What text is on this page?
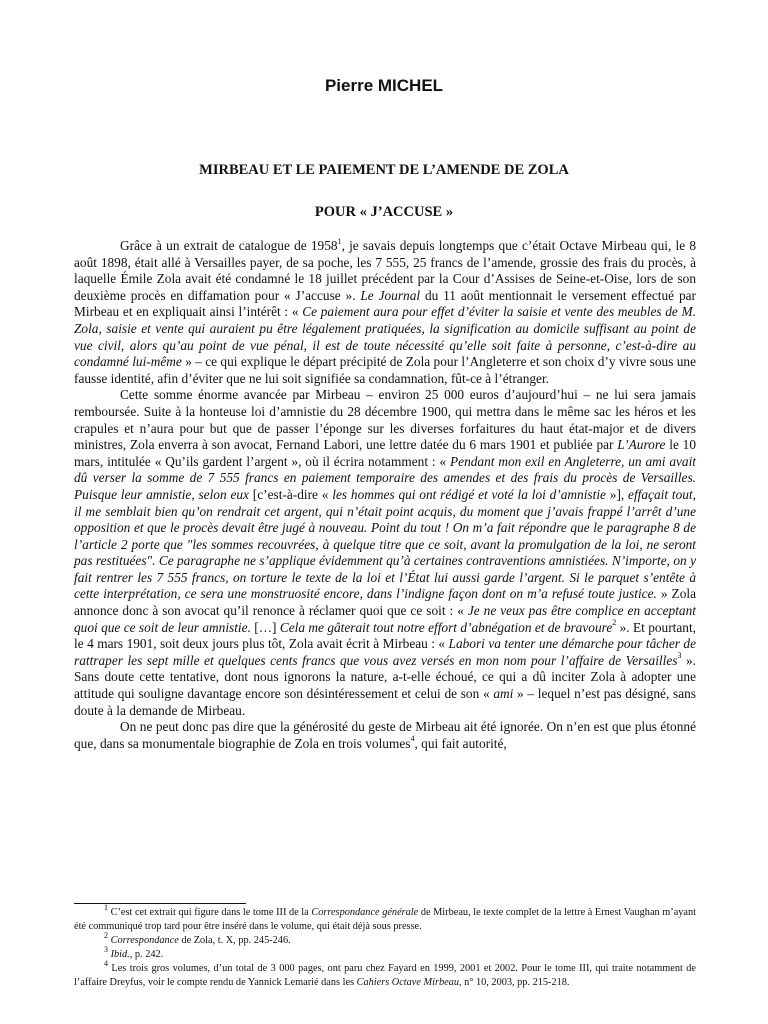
Pierre MICHEL
MIRBEAU ET LE PAIEMENT DE L’AMENDE DE ZOLA
POUR « J’ACCUSE »

Grâce à un extrait de catalogue de 1958$^1$, je savais depuis longtemps que c’était Octave Mirbeau qui, le 8 août 1898, était allé à Versailles payer, de sa poche, les 7 555, 25 francs de l’amende, grossie des frais du procès, à laquelle Émile Zola avait été condamné le 18 juillet précédent par la Cour d’Assises de Seine-et-Oise, lors de son deuxième procès en diffamation pour « J’accuse ». Le Journal du 11 août mentionnait le versement effectué par Mirbeau et en expliquait ainsi l’intérêt : « Ce paiement aura pour effet d’éviter la saisie et vente des meubles de M. Zola, saisie et vente qui auraient pu être légalement pratiquées, la signification au domicile suffisant au point de vue civil, alors qu’au point de vue pénal, il est de toute nécessité qu’elle soit faite à personne, c’est-à-dire au condamné lui-même » – ce qui explique le départ précipité de Zola pour l’Angleterre et son choix d’y vivre sous une fausse identité, afin d’éviter que ne lui soit signifiée sa condamnation, fût-ce à l’étranger.

Cette somme énorme avancée par Mirbeau – environ 25 000 euros d’aujourd’hui – ne lui sera jamais remboursée. Suite à la honteuse loi d’amnistie du 28 décembre 1900, qui mettra dans le même sac les héros et les crapules et n’aura pour but que de passer l’éponge sur les diverses forfaitures du haut état-major et de divers ministres, Zola enverra à son avocat, Fernand Labori, une lettre datée du 6 mars 1901 et publiée par L’Aurore le 10 mars, intitulée « Qu’ils gardent l’argent », où il écrira notamment : « Pendant mon exil en Angleterre, un ami avait dû verser la somme de 7 555 francs en paiement temporaire des amendes et des frais du procès de Versailles. Puisque leur amnistie, selon eux [c’est-à-dire « les hommes qui ont rédigé et voté la loi d’amnistie »], effaçait tout, il me semblait bien qu’on rendrait cet argent, qui n’était point acquis, du moment que j’avais frappé l’arrêt d’une opposition et que le procès devait être jugé à nouveau. Point du tout ! On m’a fait répondre que le paragraphe 8 de l’article 2 porte que "les sommes recouvrées, à quelque titre que ce soit, avant la promulgation de la loi, ne seront pas restituées". Ce paragraphe ne s’applique évidemment qu’à certaines contraventions amnistiées. N’importe, on y fait rentrer les 7 555 francs, on torture le texte de la loi et l’État lui aussi garde l’argent. Si le parquet s’entête à cette interprétation, ce sera une monstruosité encore, dans l’indigne façon dont on m’a refusé toute justice. » Zola annonce donc à son avocat qu’il renonce à réclamer quoi que ce soit : « Je ne veux pas être complice en acceptant quoi que ce soit de leur amnistie. […] Cela me gâterait tout notre effort d’abnégation et de bravoure$^2$ ». Et pourtant, le 4 mars 1901, soit deux jours plus tôt, Zola avait écrit à Mirbeau : « Labori va tenter une démarche pour tâcher de rattraper les sept mille et quelques cents francs que vous avez versés en mon nom pour l’affaire de Versailles$^3$ ». Sans doute cette tentative, dont nous ignorons la nature, a-t-elle échoué, ce qui a dû inciter Zola à adopter une attitude qui souligne davantage encore son désintéressement et celui de son « ami » – lequel n’est pas désigné, sans doute à la demande de Mirbeau.

On ne peut donc pas dire que la générosité du geste de Mirbeau ait été ignorée. On n’en est que plus étonné que, dans sa monumentale biographie de Zola en trois volumes$^4$, qui fait autorité,

$^1$ C’est cet extrait qui figure dans le tome III de la Correspondance générale de Mirbeau, le texte complet de la lettre à Ernest Vaughan m’ayant été communiqué trop tard pour être inséré dans le volume, qui était déjà sous presse.

$^2$ Correspondance de Zola, t. X, pp. 245-246.

$^3$ Ibid., p. 242.

$^4$ Les trois gros volumes, d’un total de 3 000 pages, ont paru chez Fayard en 1999, 2001 et 2002. Pour le tome III, qui traite notamment de l’affaire Dreyfus, voir le compte rendu de Yannick Lemarié dans les Cahiers Octave Mirbeau, n° 10, 2003, pp. 215-218.
